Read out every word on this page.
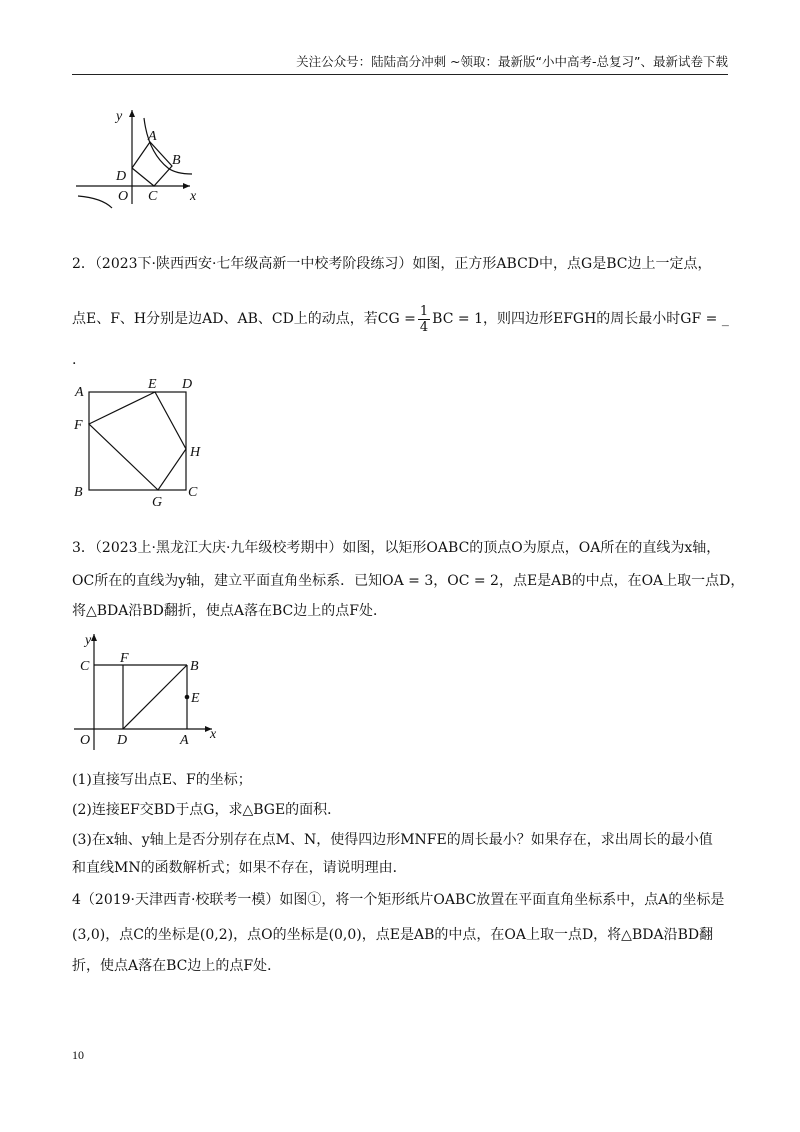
关注公众号：陆陆高分冲刺 ~领取：最新版“小中高考-总复习”、最新试卷下载
y
x
O
A
B
C
D
2．（2023下·陕西西安·七年级高新一中校考阶段练习）如图，正方形ABCD中，点G是BC边上一定点，
点E、F、H分别是边AD、AB、CD上的动点，若CG = $\frac{1}{4}$ BC = 1，则四边形EFGH的周长最小时GF = _
.
A
E D
F
H
B
G
C
3．（2023上·黑龙江大庆·九年级校考期中）如图，以矩形OABC的顶点O为原点，OA所在的直线为x轴，
OC所在的直线为y轴，建立平面直角坐标系．已知OA = 3，OC = 2，点E是AB的中点，在OA上取一点D，
将△BDA沿BD翻折，使点A落在BC边上的点F处．
y
C
F
B
E
O D	A x
(1)直接写出点E、F的坐标；
(2)连接EF交BD于点G，求△BGE的面积．
(3)在x轴、y轴上是否分别存在点M、N，使得四边形MNFE的周长最小？如果存在，求出周长的最小值
和直线MN的函数解析式；如果不存在，请说明理由．
4（2019·天津西青·校联考一模）如图①，将一个矩形纸片OABC放置在平面直角坐标系中，点A的坐标是
(3,0)，点C的坐标是(0,2)，点O的坐标是(0,0)，点E是AB的中点，在OA上取一点D，将△BDA沿BD翻
折，使点A落在BC边上的点F处．
10
